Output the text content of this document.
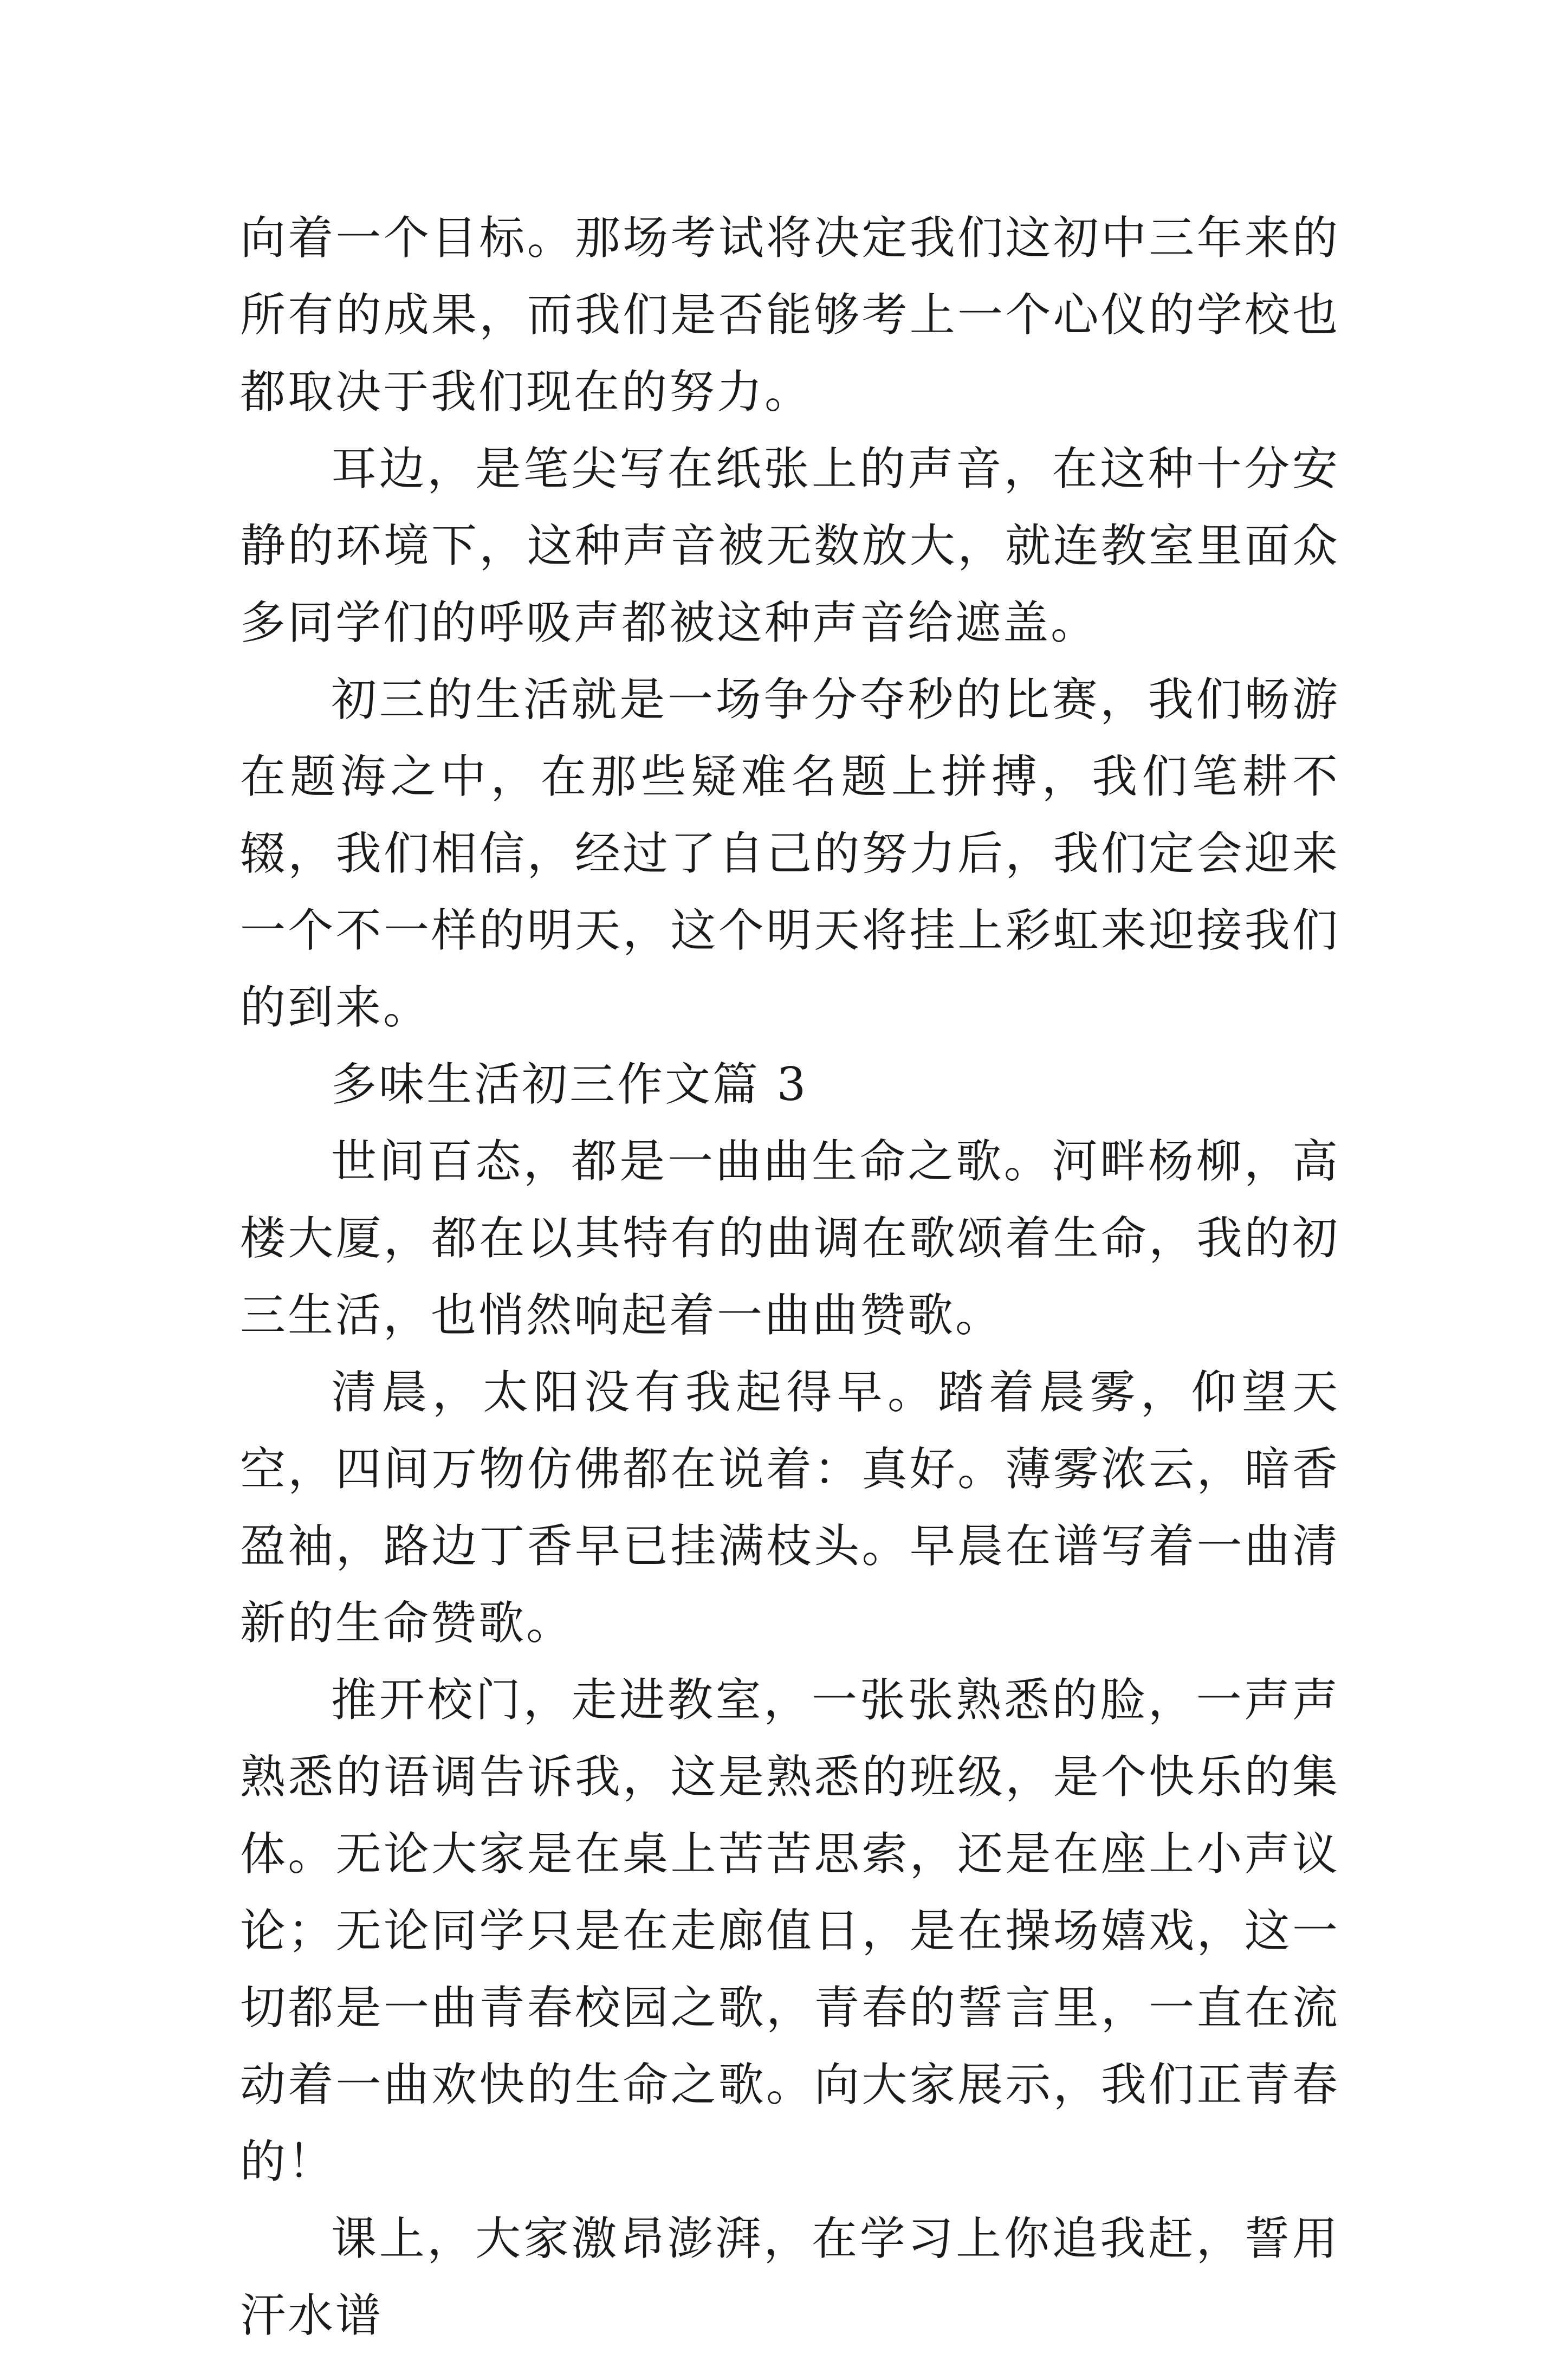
向着一个目标。那场考试将决定我们这初中三年来的所有的成果，而我们是否能够考上一个心仪的学校也都取决于我们现在的努力。

耳边，是笔尖写在纸张上的声音，在这种十分安静的环境下，这种声音被无数放大，就连教室里面众多同学们的呼吸声都被这种声音给遮盖。

初三的生活就是一场争分夺秒的比赛，我们畅游在题海之中，在那些疑难名题上拼搏，我们笔耕不辍，我们相信，经过了自己的努力后，我们定会迎来一个不一样的明天，这个明天将挂上彩虹来迎接我们的到来。

多味生活初三作文篇 3

世间百态，都是一曲曲生命之歌。河畔杨柳，高楼大厦，都在以其特有的曲调在歌颂着生命，我的初三生活，也悄然响起着一曲曲赞歌。

清晨，太阳没有我起得早。踏着晨雾，仰望天空，四间万物仿佛都在说着：真好。薄雾浓云，暗香盈袖，路边丁香早已挂满枝头。早晨在谱写着一曲清新的生命赞歌。

推开校门，走进教室，一张张熟悉的脸，一声声熟悉的语调告诉我，这是熟悉的班级，是个快乐的集体。无论大家是在桌上苦苦思索，还是在座上小声议论；无论同学只是在走廊值日，是在操场嬉戏，这一切都是一曲青春校园之歌，青春的誓言里，一直在流动着一曲欢快的生命之歌。向大家展示，我们正青春的！

课上，大家激昂澎湃，在学习上你追我赶，誓用汗水谱
